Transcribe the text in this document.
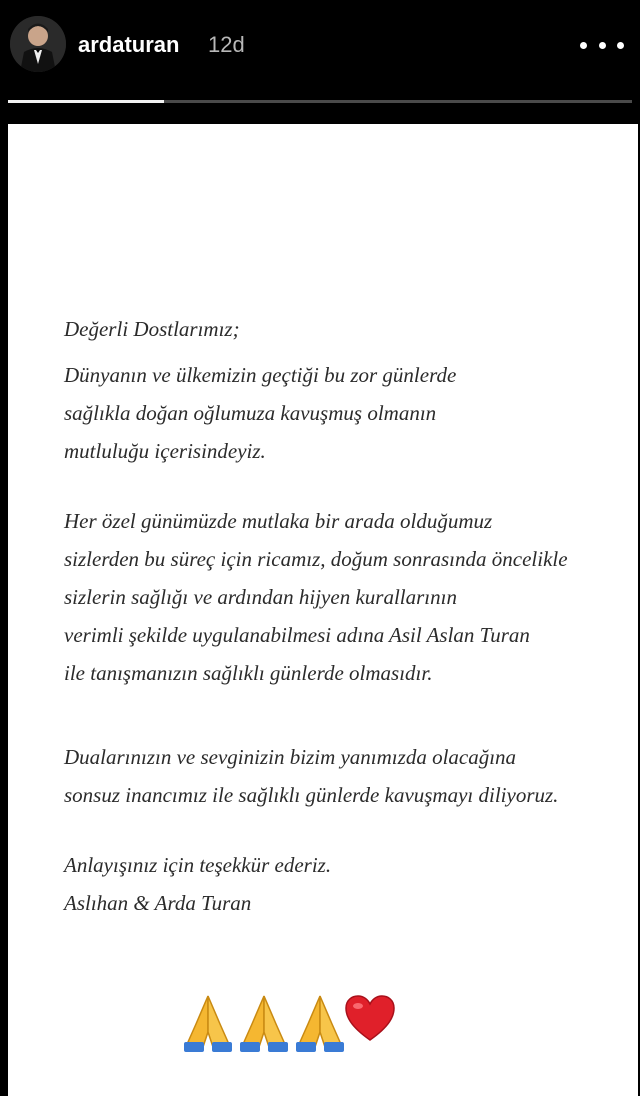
ardaturan 12d
Değerli Dostlarımız;
Dünyanın ve ülkemizin geçtiği bu zor günlerde
sağlıkla doğan oğlumuza kavuşmuş olmanın
mutluluğu içerisindeyiz.
Her özel günümüzde mutlaka bir arada olduğumuz
sizlerden bu süreç için ricamız, doğum sonrasında öncelikle
sizlerin sağlığı ve ardından hijyen kurallarının
verimli şekilde uygulanabilmesi adına Asil Aslan Turan
ile tanışmanızın sağlıklı günlerde olmasıdır.
Dualarınızın ve sevginizin bizim yanımızda olacağına
sonsuz inancımız ile sağlıklı günlerde kavuşmayı diliyoruz.
Anlayışınız için teşekkür ederiz.
Aslıhan & Arda Turan
